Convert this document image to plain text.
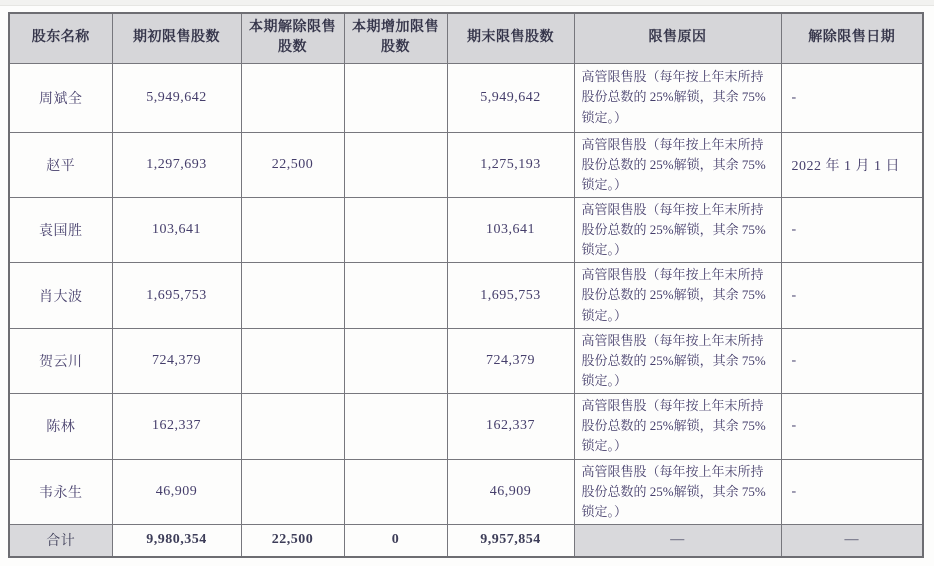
股东名称	期初限售股数	本期解除限售股数	本期增加限售股数	期末限售股数	限售原因	解除限售日期
周斌全	5,949,642			5,949,642	高管限售股（每年按上年末所持股份总数的 25%解锁，其余 75%锁定。）	-
赵平	1,297,693	22,500		1,275,193	高管限售股（每年按上年末所持股份总数的 25%解锁，其余 75%锁定。）	2022 年 1 月 1 日
袁国胜	103,641			103,641	高管限售股（每年按上年末所持股份总数的 25%解锁，其余 75%锁定。）	-
肖大波	1,695,753			1,695,753	高管限售股（每年按上年末所持股份总数的 25%解锁，其余 75%锁定。）	-
贺云川	724,379			724,379	高管限售股（每年按上年末所持股份总数的 25%解锁，其余 75%锁定。）	-
陈林	162,337			162,337	高管限售股（每年按上年末所持股份总数的 25%解锁，其余 75%锁定。）	-
韦永生	46,909			46,909	高管限售股（每年按上年末所持股份总数的 25%解锁，其余 75%锁定。）	-
合计	9,980,354	22,500	0	9,957,854	—	—
